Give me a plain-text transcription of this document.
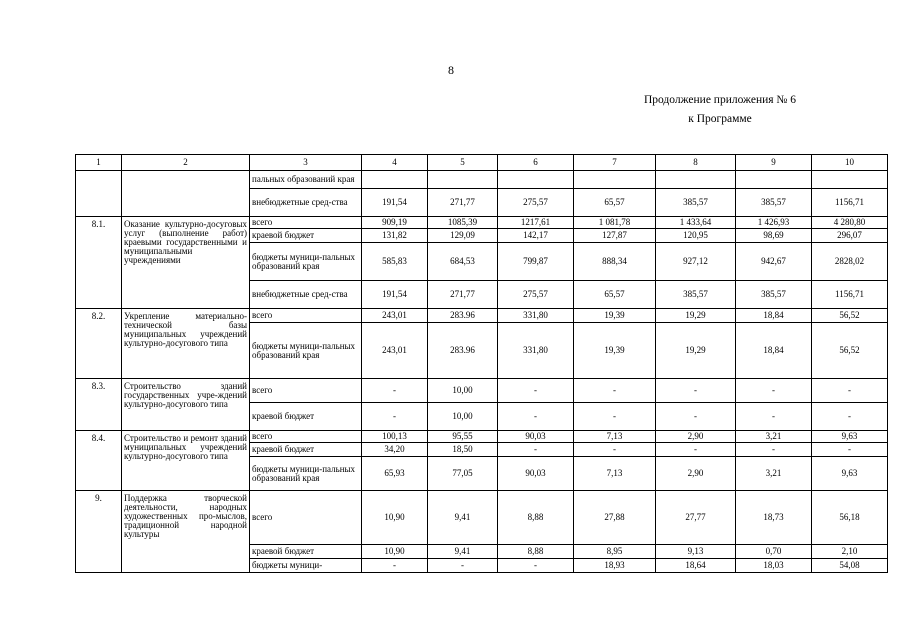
8
Продолжение приложения № 6
к Программе
1	2	3	4	5	6	7	8	9	10
		пальных образований края							
		внебюджетные сред-ства	191,54	271,77	275,57	65,57	385,57	385,57	1156,71
8.1.	Оказание культурно-досуговых услуг (выполнение работ) краевыми государственными и муниципальными учреждениями	всего	909,19	1085,39	1217,61	1 081,78	1 433,64	1 426,93	4 280,80
		краевой бюджет	131,82	129,09	142,17	127,87	120,95	98,69	296,07
		бюджеты муници-пальных образований края	585,83	684,53	799,87	888,34	927,12	942,67	2828,02
		внебюджетные сред-ства	191,54	271,77	275,57	65,57	385,57	385,57	1156,71
8.2.	Укрепление материально-технической базы муниципальных учреждений культурно-досугового типа	всего	243,01	283.96	331,80	19,39	19,29	18,84	56,52
		бюджеты муници-пальных образований края	243,01	283.96	331,80	19,39	19,29	18,84	56,52
8.3.	Строительство зданий государственных учре-ждений культурно-досугового типа	всего	-	10,00	-	-	-	-	-
		краевой бюджет	-	10,00	-	-	-	-	-
8.4.	Строительство и ремонт зданий муниципальных учреждений культурно-досугового типа	всего	100,13	95,55	90,03	7,13	2,90	3,21	9,63
		краевой бюджет	34,20	18,50	-	-	-	-	-
		бюджеты муници-пальных образований края	65,93	77,05	90,03	7,13	2,90	3,21	9,63
9.	Поддержка творческой деятельности, народных художественных про-мыслов, традиционной народной культуры	всего	10,90	9,41	8,88	27,88	27,77	18,73	56,18
		краевой бюджет	10,90	9,41	8,88	8,95	9,13	0,70	2,10
		бюджеты муници-	-	-	-	18,93	18,64	18,03	54,08
